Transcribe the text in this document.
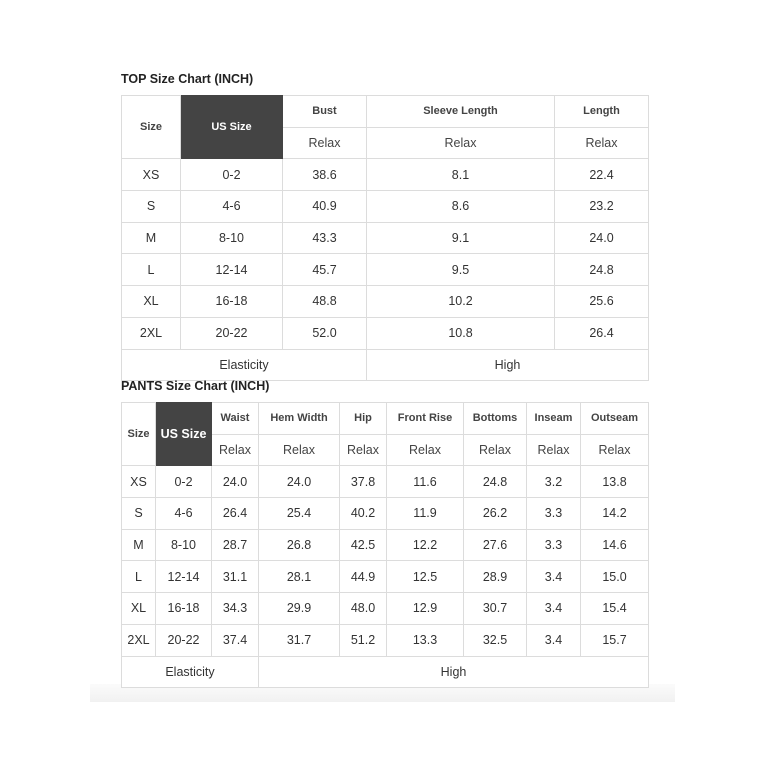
TOP Size Chart (INCH)
Size	US Size	Bust	Sleeve Length	Length
		Relax	Relax	Relax
XS	0-2	38.6	8.1	22.4
S	4-6	40.9	8.6	23.2
M	8-10	43.3	9.1	24.0
L	12-14	45.7	9.5	24.8
XL	16-18	48.8	10.2	25.6
2XL	20-22	52.0	10.8	26.4
Elasticity			High	
PANTS Size Chart (INCH)
Size	US Size	Waist	Hem Width	Hip	Front Rise	Bottoms	Inseam	Outseam
		Relax	Relax	Relax	Relax	Relax	Relax	Relax
XS	0-2	24.0	24.0	37.8	11.6	24.8	3.2	13.8
S	4-6	26.4	25.4	40.2	11.9	26.2	3.3	14.2
M	8-10	28.7	26.8	42.5	12.2	27.6	3.3	14.6
L	12-14	31.1	28.1	44.9	12.5	28.9	3.4	15.0
XL	16-18	34.3	29.9	48.0	12.9	30.7	3.4	15.4
2XL	20-22	37.4	31.7	51.2	13.3	32.5	3.4	15.7
Elasticity			High					
